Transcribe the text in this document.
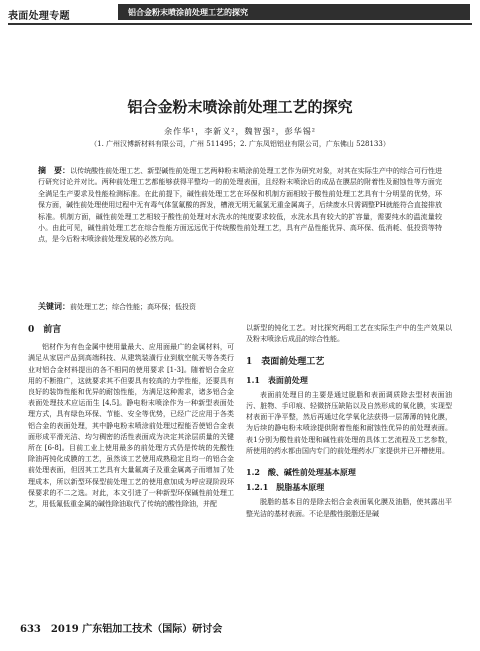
表面处理专题	铝合金粉末喷涂前处理工艺的探究
铝合金粉末喷涂前处理工艺的探究
余作华¹，李新义²，魏智强²，彭华锡²
（1. 广州汉博新材料有限公司，广州 511495；2. 广东凤铝铝业有限公司，广东佛山 528133）
摘　要：以传统酸性前处理工艺、新型碱性前处理工艺两种粉末喷涂前处理工艺作为研究对象，对其在实际生产中的综合可行性进行研究讨论并对比。两种前处理工艺都能够获得平整均一的前处理表面，且经粉末喷涂后的成品在膜层的附着性及耐蚀性等方面完全满足生产要求及性能检测标准。在此前提下，碱性前处理工艺在环保和机制方面相较于酸性前处理工艺具有十分明显的优势，环保方面，碱性前处理使用过程中无有毒气体氢氟酸的挥发，槽液无明无氟氯无重金属离子，后续废水只需调整PH就能符合直接排放标准。机制方面，碱性前处理工艺相较于酸性前处理对水洗水的纯度要求较低，水洗水具有较大的扩容量，需要纯水的温流量较小。由此可见，碱性前处理工艺在综合性能方面远远优于传统酸性前处理工艺，具有产品性能优异、高环保、低消耗、低投资等特点，是今后粉末喷涂前处理发展的必然方向。
关键词：前处理工艺；综合性能；高环保；低投资
0　前言

铝材作为有色金属中使用量最大、应用面最广的金属材料，可满足从家居产品到高端科技、从建筑装潢行业到航空航天等各类行业对铝合金材料提出的各不相同的使用要求 [1-3]。随着铝合金应用的不断推广，这就要求其不但要具有较高的力学性能，还要具有良好的装饰性能和优异的耐蚀性能，为满足这种需求，诸多铝合金表面处理技术应运而生 [4,5]。静电粉末喷涂作为一种新型表面处理方式，具有绿色环保、节能、安全等优势，已经广泛应用于各类铝合金的表面处理，其中静电粉末喷涂前处理过程能否使铝合金表面形成平滑光洁、均匀稠密的活性表面成为决定其涂层质量的关键所在 [6-8]。目前工业上使用最多的前处理方式仍是传统的先酸性除油再钝化成膜的工艺，虽然该工艺使用成熟稳定且均一的铝合金前处理表面，但因其工艺具有大量氟离子及重金属离子而增加了处理成本，所以新型环保型前处理工艺的使用愈加成为呼应现阶段环保要求的不二之选。对此，本文引进了一种新型环保碱性前处理工艺，用低氟低重金属的碱性除油取代了传统的酸性除油，并配

以新型的钝化工艺。对比探究两组工艺在实际生产中的生产效果以及粉末喷涂后成品的综合性能。

1　表面前处理工艺
1.1　表面前处理

表面前处理目的主要是通过脱脂和表面调质除去型材表面油污、脏物、手印痕、轻微挤压缺陷以及自然形成的氧化膜，实现型材表面干净平整，然后再通过化学氧化法获得一层薄薄的钝化膜，为后续的静电粉末喷涂提供附着性能和耐蚀性优异的前处理表面。表1分别为酸性前处理和碱性前处理的具体工艺流程及工艺参数，所使用的药水都由国内专门的前处理药水厂家提供并已开槽使用。

1.2　酸、碱性前处理基本原理
1.2.1　脱脂基本原理

脱脂的基本目的是除去铝合金表面氧化膜及油脂，使其露出平整光洁的基材表面。不论是酸性脱脂还是碱

633 2019 广东铝加工技术（国际）研讨会
